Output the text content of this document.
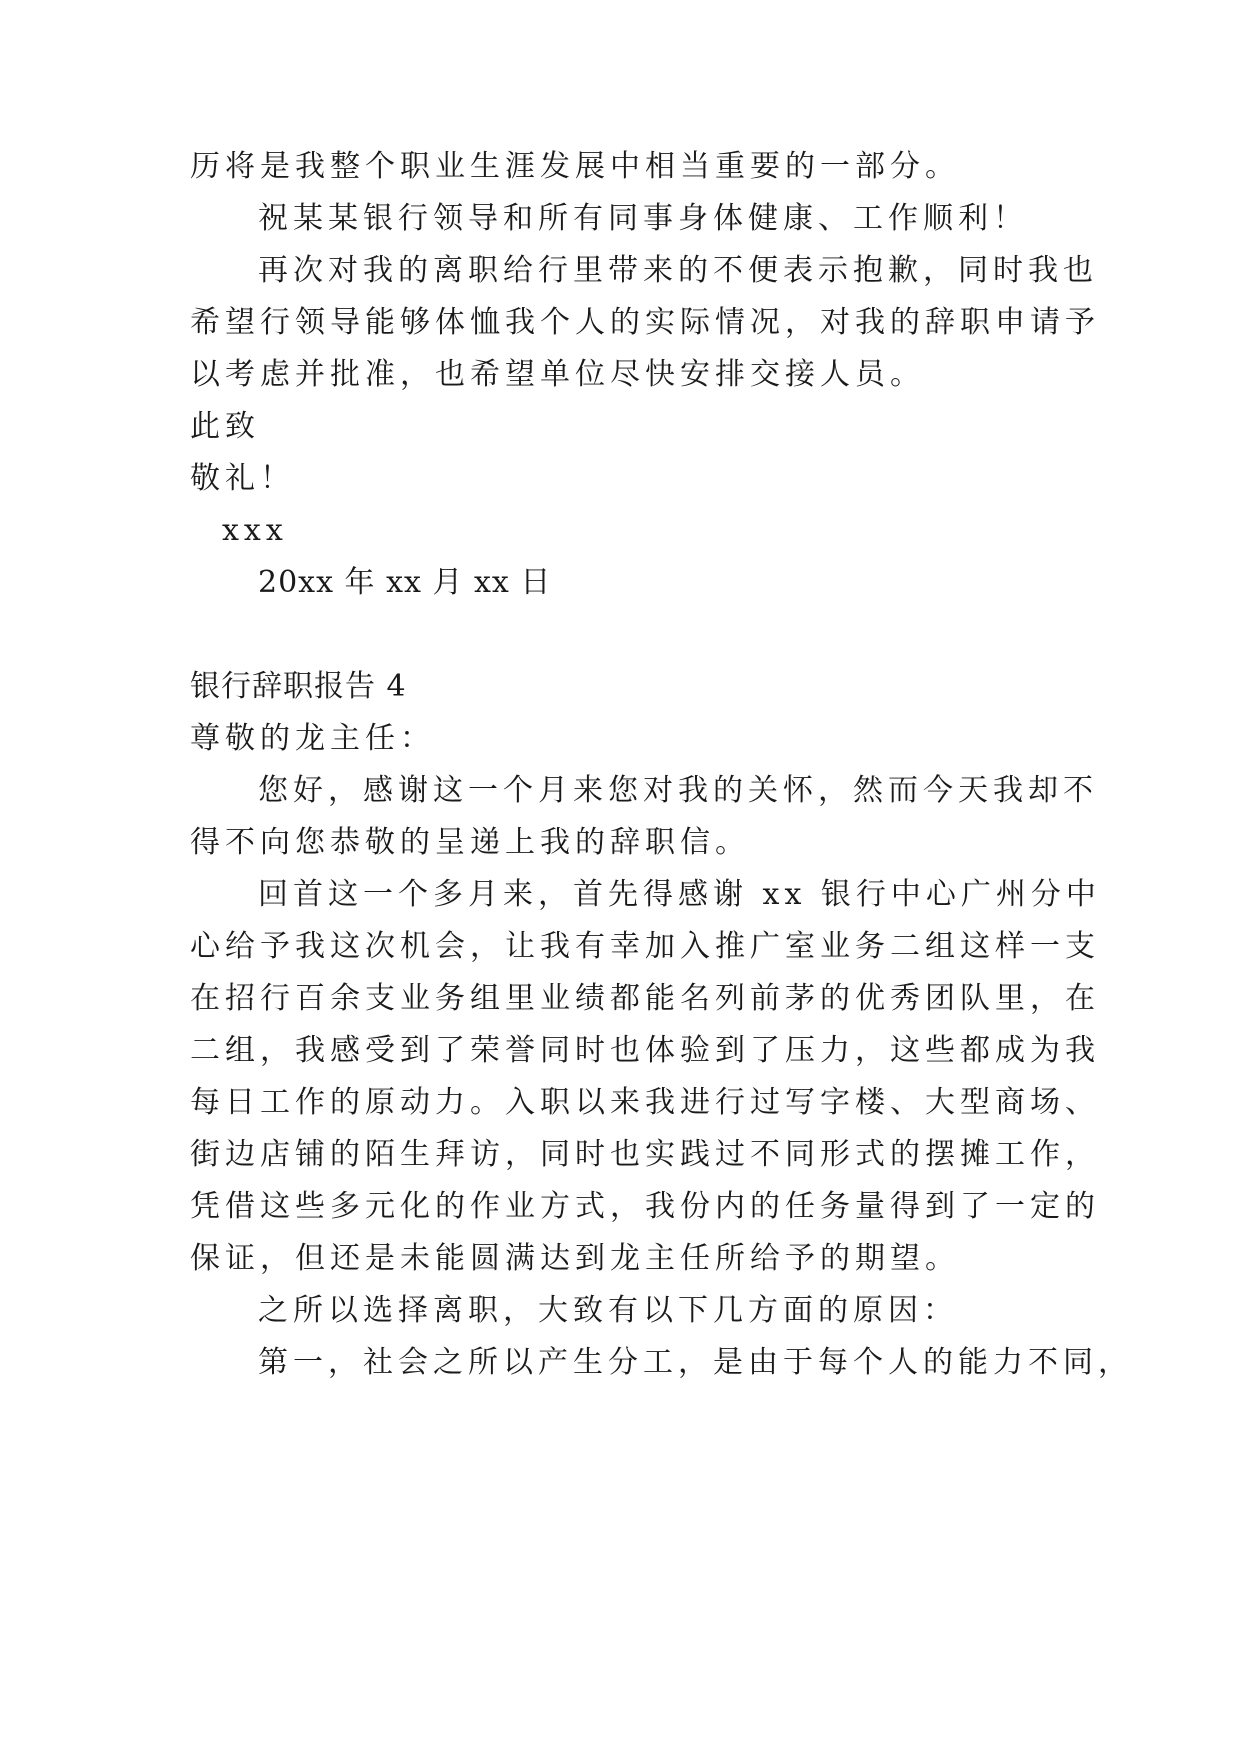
历将是我整个职业生涯发展中相当重要的一部分。
祝某某银行领导和所有同事身体健康、工作顺利！
再次对我的离职给行里带来的不便表示抱歉，同时我也
希望行领导能够体恤我个人的实际情况，对我的辞职申请予
以考虑并批准，也希望单位尽快安排交接人员。
此致
敬礼！
xxx
20xx 年 xx 月 xx 日
银行辞职报告 4
尊敬的龙主任：
您好，感谢这一个月来您对我的关怀，然而今天我却不
得不向您恭敬的呈递上我的辞职信。
回首这一个多月来，首先得感谢 xx 银行中心广州分中
心给予我这次机会，让我有幸加入推广室业务二组这样一支
在招行百余支业务组里业绩都能名列前茅的优秀团队里，在
二组，我感受到了荣誉同时也体验到了压力，这些都成为我
每日工作的原动力。入职以来我进行过写字楼、大型商场、
街边店铺的陌生拜访，同时也实践过不同形式的摆摊工作，
凭借这些多元化的作业方式，我份内的任务量得到了一定的
保证，但还是未能圆满达到龙主任所给予的期望。
之所以选择离职，大致有以下几方面的原因：
第一，社会之所以产生分工，是由于每个人的能力不同，
